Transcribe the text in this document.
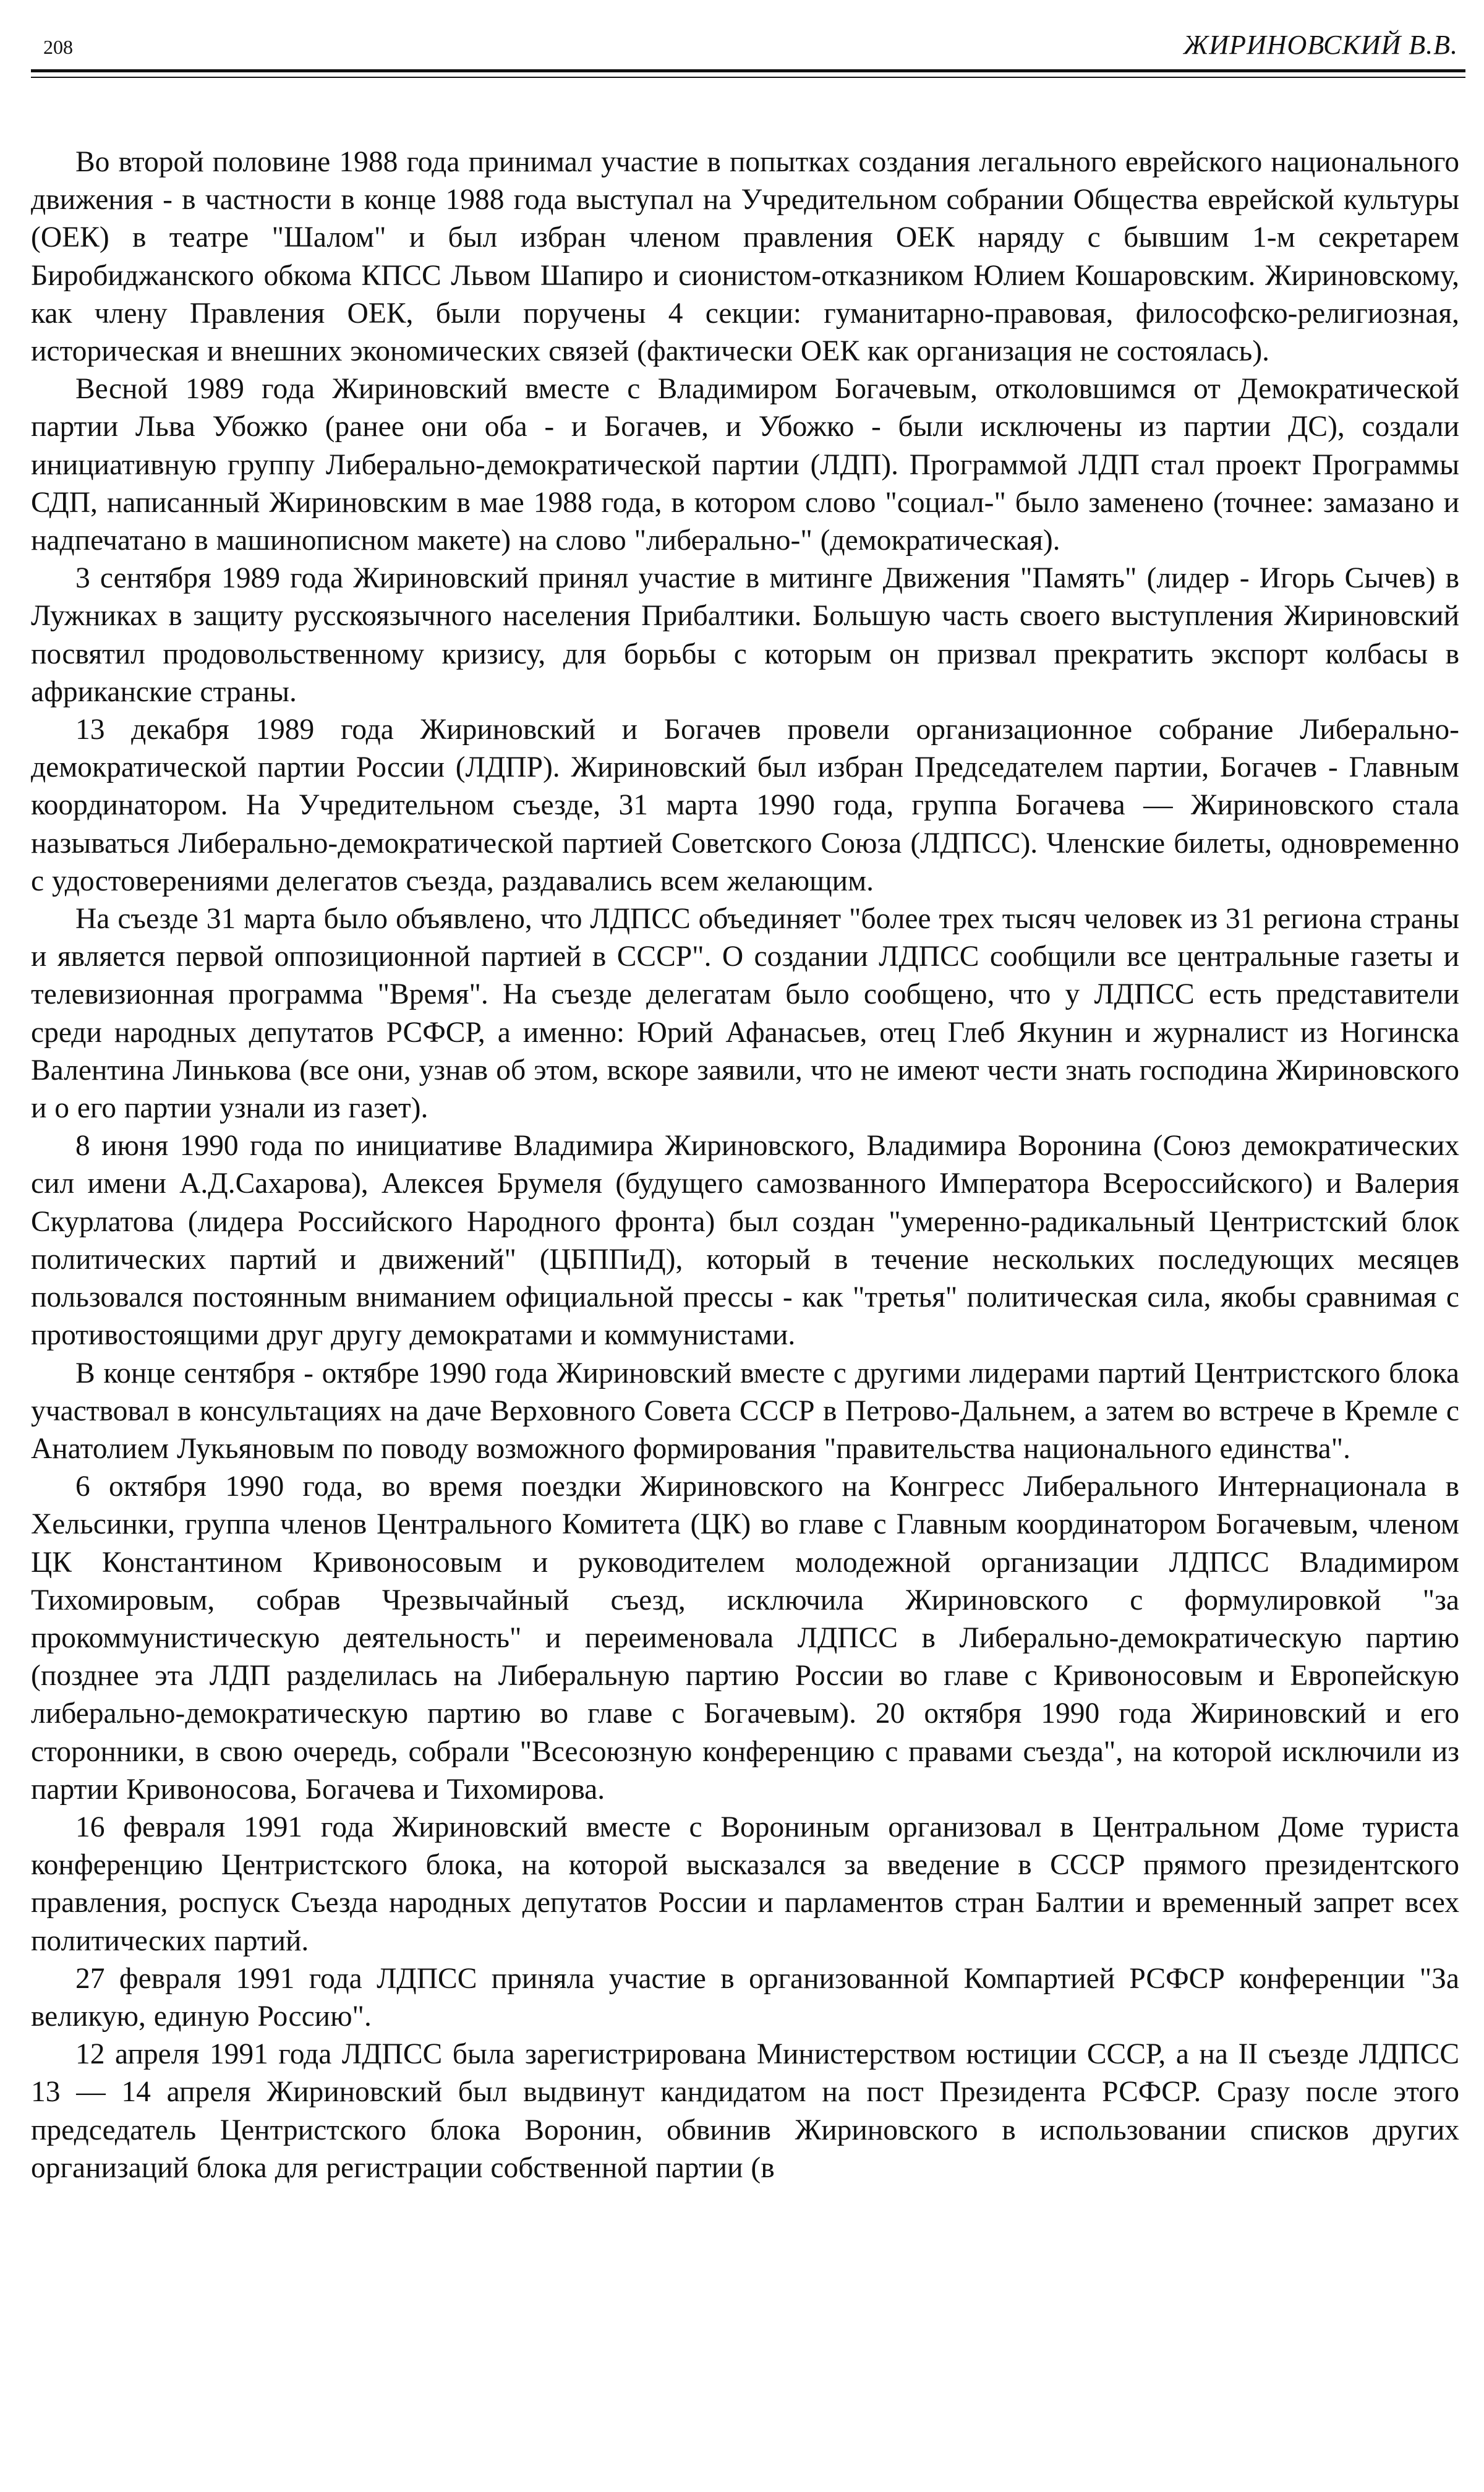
208	ЖИРИНОВСКИЙ В.В.

Во второй половине 1988 года принимал участие в попытках создания легального еврейского национального движения - в частности в конце 1988 года выступал на Учредительном собрании Общества еврейской культуры (ОЕК) в театре "Шалом" и был избран членом правления ОЕК наряду с бывшим 1-м секретарем Биробиджанского обкома КПСС Львом Шапиро и сионистом-отказником Юлием Кошаровским. Жириновскому, как члену Правления ОЕК, были поручены 4 секции: гуманитарно-правовая, философско-религиозная, историческая и внешних экономических связей (фактически ОЕК как организация не состоялась).

Весной 1989 года Жириновский вместе с Владимиром Богачевым, отколовшимся от Демократической партии Льва Убожко (ранее они оба - и Богачев, и Убожко - были исключены из партии ДС), создали инициативную группу Либерально-демократической партии (ЛДП). Программой ЛДП стал проект Программы СДП, написанный Жириновским в мае 1988 года, в котором слово "социал-" было заменено (точнее: замазано и надпечатано в машинописном макете) на слово "либерально-" (демократическая).

3 сентября 1989 года Жириновский принял участие в митинге Движения "Память" (лидер - Игорь Сычев) в Лужниках в защиту русскоязычного населения Прибалтики. Большую часть своего выступления Жириновский посвятил продовольственному кризису, для борьбы с которым он призвал прекратить экспорт колбасы в африканские страны.

13 декабря 1989 года Жириновский и Богачев провели организационное собрание Либерально-демократической партии России (ЛДПР). Жириновский был избран Председателем партии, Богачев - Главным координатором. На Учредительном съезде, 31 марта 1990 года, группа Богачева — Жириновского стала называться Либерально-демократической партией Советского Союза (ЛДПСС). Членские билеты, одновременно с удостоверениями делегатов съезда, раздавались всем желающим.

На съезде 31 марта было объявлено, что ЛДПСС объединяет "более трех тысяч человек из 31 региона страны и является первой оппозиционной партией в СССР". О создании ЛДПСС сообщили все центральные газеты и телевизионная программа "Время". На съезде делегатам было сообщено, что у ЛДПСС есть представители среди народных депутатов РСФСР, а именно: Юрий Афанасьев, отец Глеб Якунин и журналист из Ногинска Валентина Линькова (все они, узнав об этом, вскоре заявили, что не имеют чести знать господина Жириновского и о его партии узнали из газет).

8 июня 1990 года по инициативе Владимира Жириновского, Владимира Воронина (Союз демократических сил имени А.Д.Сахарова), Алексея Брумеля (будущего самозванного Императора Всероссийского) и Валерия Скурлатова (лидера Российского Народного фронта) был создан "умеренно-радикальный Центристский блок политических партий и движений" (ЦБППиД), который в течение нескольких последующих месяцев пользовался постоянным вниманием официальной прессы - как "третья" политическая сила, якобы сравнимая с противостоящими друг другу демократами и коммунистами.

В конце сентября - октябре 1990 года Жириновский вместе с другими лидерами партий Центристского блока участвовал в консультациях на даче Верховного Совета СССР в Петрово-Дальнем, а затем во встрече в Кремле с Анатолием Лукьяновым по поводу возможного формирования "правительства национального единства".

6 октября 1990 года, во время поездки Жириновского на Конгресс Либерального Интернационала в Хельсинки, группа членов Центрального Комитета (ЦК) во главе с Главным координатором Богачевым, членом ЦК Константином Кривоносовым и руководителем молодежной организации ЛДПСС Владимиром Тихомировым, собрав Чрезвычайный съезд, исключила Жириновского с формулировкой "за прокоммунистическую деятельность" и переименовала ЛДПСС в Либерально-демократическую партию (позднее эта ЛДП разделилась на Либеральную партию России во главе с Кривоносовым и Европейскую либерально-демократическую партию во главе с Богачевым). 20 октября 1990 года Жириновский и его сторонники, в свою очередь, собрали "Всесоюзную конференцию с правами съезда", на которой исключили из партии Кривоносова, Богачева и Тихомирова.

16 февраля 1991 года Жириновский вместе с Ворониным организовал в Центральном Доме туриста конференцию Центристского блока, на которой высказался за введение в СССР прямого президентского правления, роспуск Съезда народных депутатов России и парламентов стран Балтии и временный запрет всех политических партий.

27 февраля 1991 года ЛДПСС приняла участие в организованной Компартией РСФСР конференции "За великую, единую Россию".

12 апреля 1991 года ЛДПСС была зарегистрирована Министерством юстиции СССР, а на II съезде ЛДПСС 13 — 14 апреля Жириновский был выдвинут кандидатом на пост Президента РСФСР. Сразу после этого председатель Центристского блока Воронин, обвинив Жириновского в использовании списков других организаций блока для регистрации собственной партии (в
